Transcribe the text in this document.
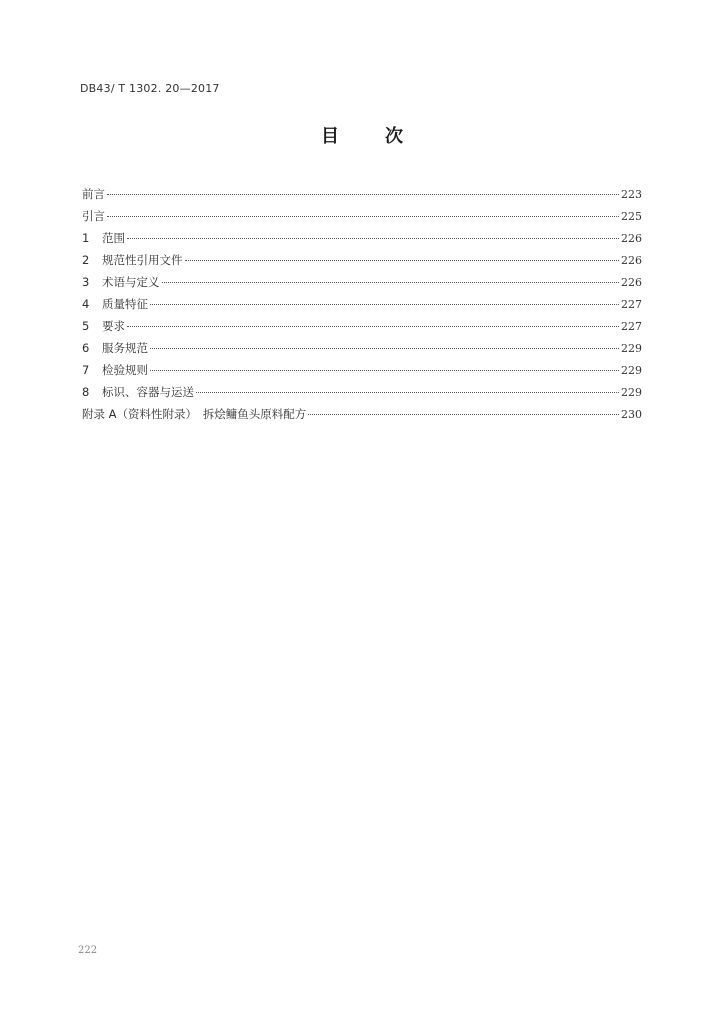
DB43/ T 1302. 20—2017
目	次
前言	223
引言	225
1	范围	226
2	规范性引用文件	226
3	术语与定义	226
4	质量特征	227
5	要求	227
6	服务规范	229
7	检验规则	229
8	标识、容器与运送	229
附录 A（资料性附录）　拆烩鳙鱼头原料配方	230
222
